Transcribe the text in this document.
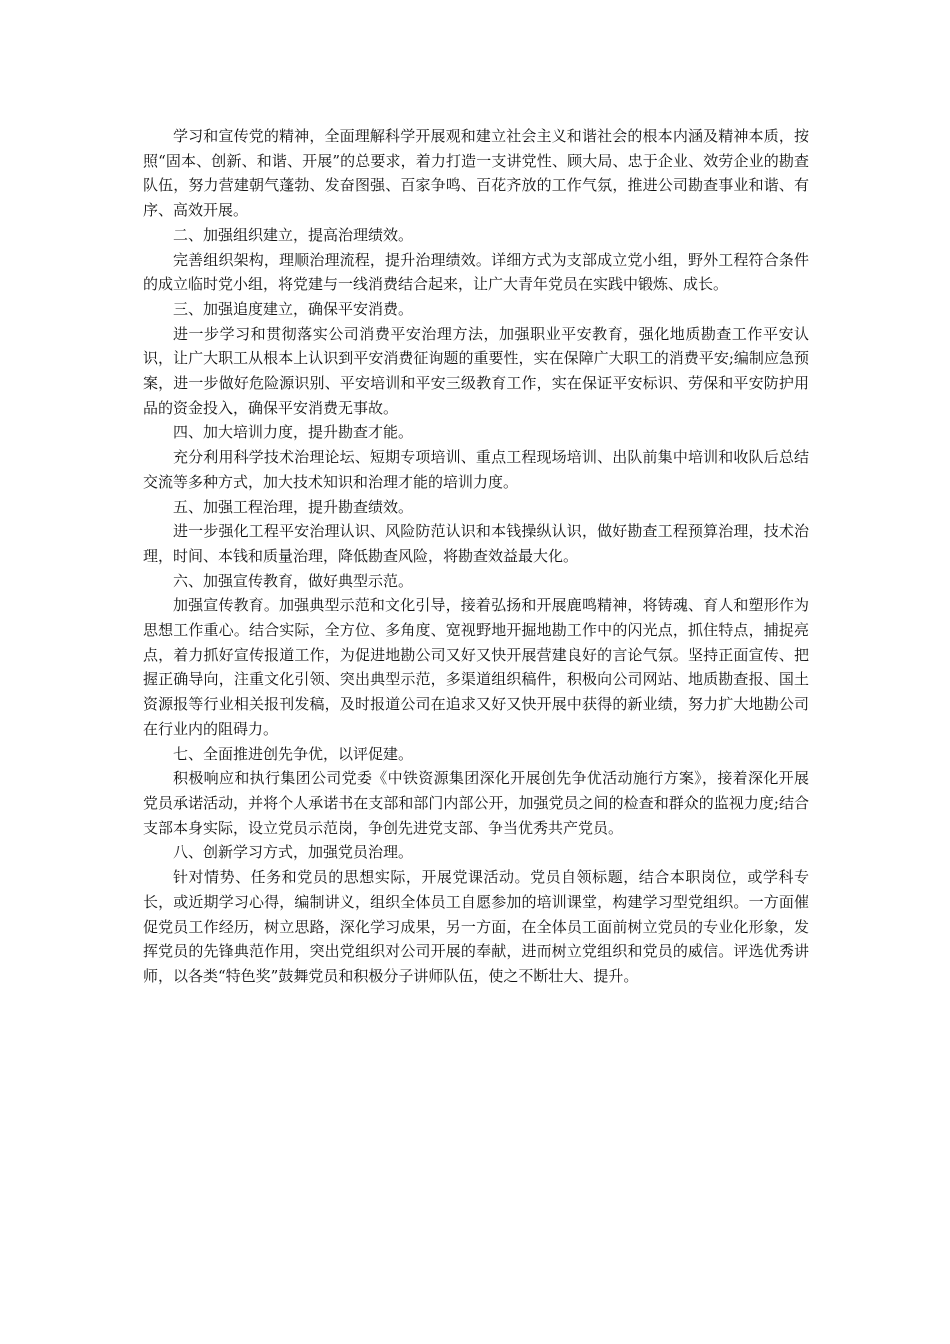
学习和宣传党的精神，全面理解科学开展观和建立社会主义和谐社会的根本内涵及精神本质，按照“固本、创新、和谐、开展”的总要求，着力打造一支讲党性、顾大局、忠于企业、效劳企业的勘查队伍，努力营建朝气蓬勃、发奋图强、百家争鸣、百花齐放的工作气氛，推进公司勘查事业和谐、有序、高效开展。

二、加强组织建立，提高治理绩效。

完善组织架构，理顺治理流程，提升治理绩效。详细方式为支部成立党小组，野外工程符合条件的成立临时党小组，将党建与一线消费结合起来，让广大青年党员在实践中锻炼、成长。

三、加强追度建立，确保平安消费。

进一步学习和贯彻落实公司消费平安治理方法，加强职业平安教育，强化地质勘查工作平安认识，让广大职工从根本上认识到平安消费征询题的重要性，实在保障广大职工的消费平安;编制应急预案，进一步做好危险源识别、平安培训和平安三级教育工作，实在保证平安标识、劳保和平安防护用品的资金投入，确保平安消费无事故。

四、加大培训力度，提升勘查才能。

充分利用科学技术治理论坛、短期专项培训、重点工程现场培训、出队前集中培训和收队后总结交流等多种方式，加大技术知识和治理才能的培训力度。

五、加强工程治理，提升勘查绩效。

进一步强化工程平安治理认识、风险防范认识和本钱操纵认识，做好勘查工程预算治理，技术治理，时间、本钱和质量治理，降低勘查风险，将勘查效益最大化。

六、加强宣传教育，做好典型示范。

加强宣传教育。加强典型示范和文化引导，接着弘扬和开展鹿鸣精神，将铸魂、育人和塑形作为思想工作重心。结合实际，全方位、多角度、宽视野地开掘地勘工作中的闪光点，抓住特点，捕捉亮点，着力抓好宣传报道工作，为促进地勘公司又好又快开展营建良好的言论气氛。坚持正面宣传、把握正确导向，注重文化引领、突出典型示范，多渠道组织稿件，积极向公司网站、地质勘查报、国土资源报等行业相关报刊发稿，及时报道公司在追求又好又快开展中获得的新业绩，努力扩大地勘公司在行业内的阻碍力。

七、全面推进创先争优，以评促建。

积极响应和执行集团公司党委《中铁资源集团深化开展创先争优活动施行方案》，接着深化开展党员承诺活动，并将个人承诺书在支部和部门内部公开，加强党员之间的检查和群众的监视力度;结合支部本身实际，设立党员示范岗，争创先进党支部、争当优秀共产党员。

八、创新学习方式，加强党员治理。

针对情势、任务和党员的思想实际，开展党课活动。党员自领标题，结合本职岗位，或学科专长，或近期学习心得，编制讲义，组织全体员工自愿参加的培训课堂，构建学习型党组织。一方面催促党员工作经历，树立思路，深化学习成果，另一方面，在全体员工面前树立党员的专业化形象，发挥党员的先锋典范作用，突出党组织对公司开展的奉献，进而树立党组织和党员的威信。评选优秀讲师，以各类“特色奖”鼓舞党员和积极分子讲师队伍，使之不断壮大、提升。
